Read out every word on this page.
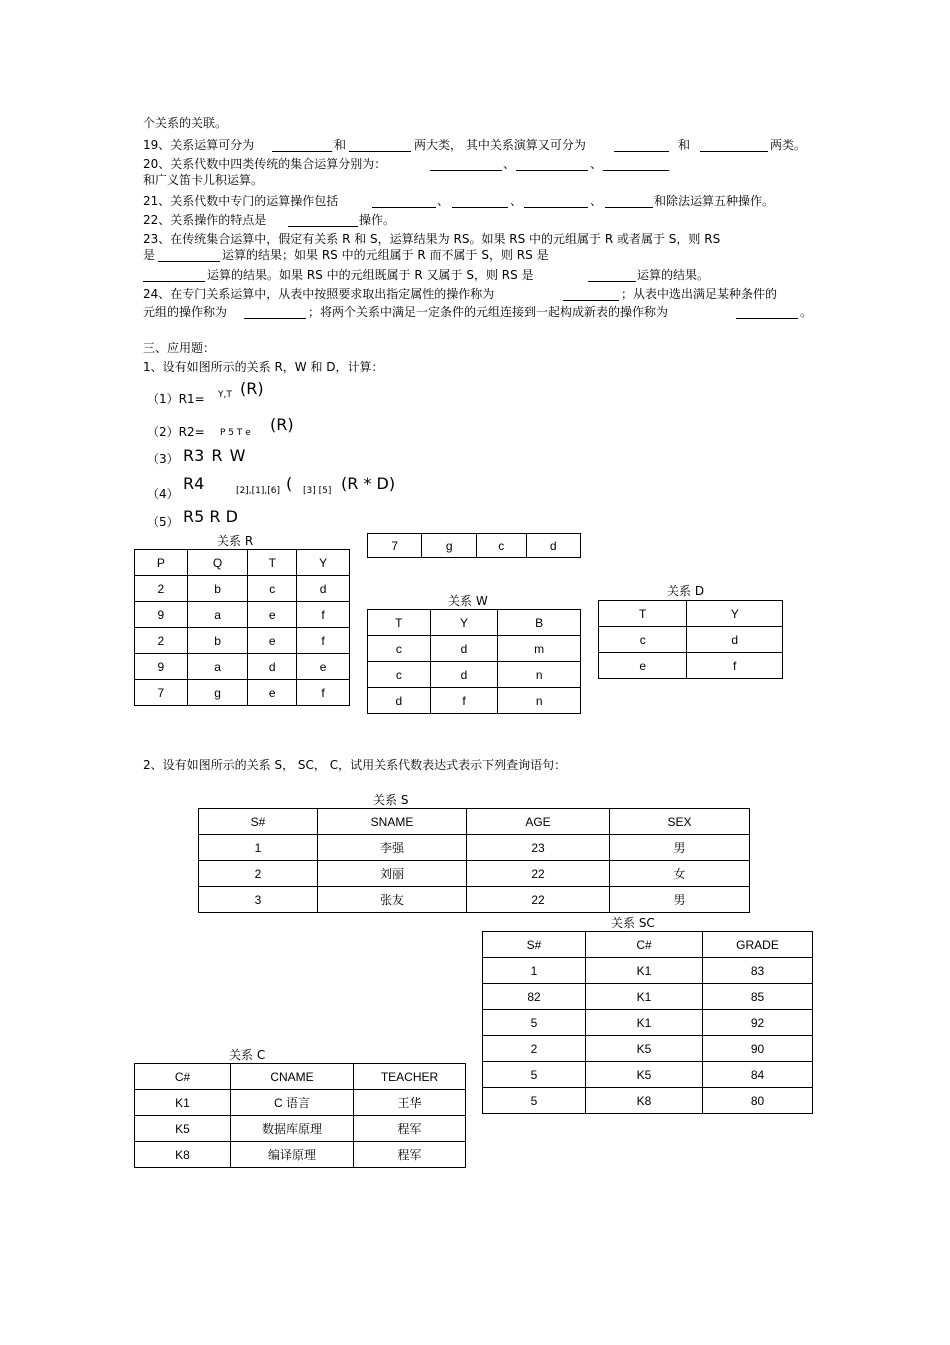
个关系的关联。
19、关系运算可分为	和	两大类， 其中关系演算又可分为	和	两类。
20、关系代数中四类传统的集合运算分别为：	、	、
和广义笛卡儿积运算。
21、关系代数中专门的运算操作包括	、	、	、	和除法运算五种操作。
22、关系操作的特点是	操作。
23、在传统集合运算中，假定有关系 R 和 S，运算结果为 RS。如果 RS 中的元组属于 R 或者属于 S，则 RS
是	运算的结果；如果 RS 中的元组属于 R 而不属于 S，则 RS 是
运算的结果。如果 RS 中的元组既属于 R 又属于 S，则 RS 是	运算的结果。
24、在专门关系运算中，从表中按照要求取出指定属性的操作称为	；从表中选出满足某种条件的
元组的操作称为	；将两个关系中满足一定条件的元组连接到一起构成新表的操作称为	。
三、应用题：
1、设有如图所示的关系 R，W 和 D，计算：
（1）R1= Y,T (R)
（2）R2= P 5 T e (R)
（3） R3 R W
（4）
R4	[2],[1],[6] ( [3] [5] (R * D)
（5） R5 R D
关系 R
P	Q	T	Y
2	b	c	d
9	a	e	f
2	b	e	f
9	a	d	e
7	g	e	f
7	g	c	d
关系 W
T	Y	B
c	d	m
c	d	n
d	f	n
关系 D
T	Y
c	d
e	f
2、设有如图所示的关系 S， SC， C，试用关系代数表达式表示下列查询语句：
关系 S
S#	SNAME	AGE	SEX
1	李强	23	男
2	刘丽	22	女
3	张友	22	男
关系 SC
S#	C#	GRADE
1	K1	83
82	K1	85
5	K1	92
2	K5	90
5	K5	84
5	K8	80
关系 C
C#	CNAME	TEACHER
K1	C 语言	王华
K5	数据库原理	程军
K8	编译原理	程军
